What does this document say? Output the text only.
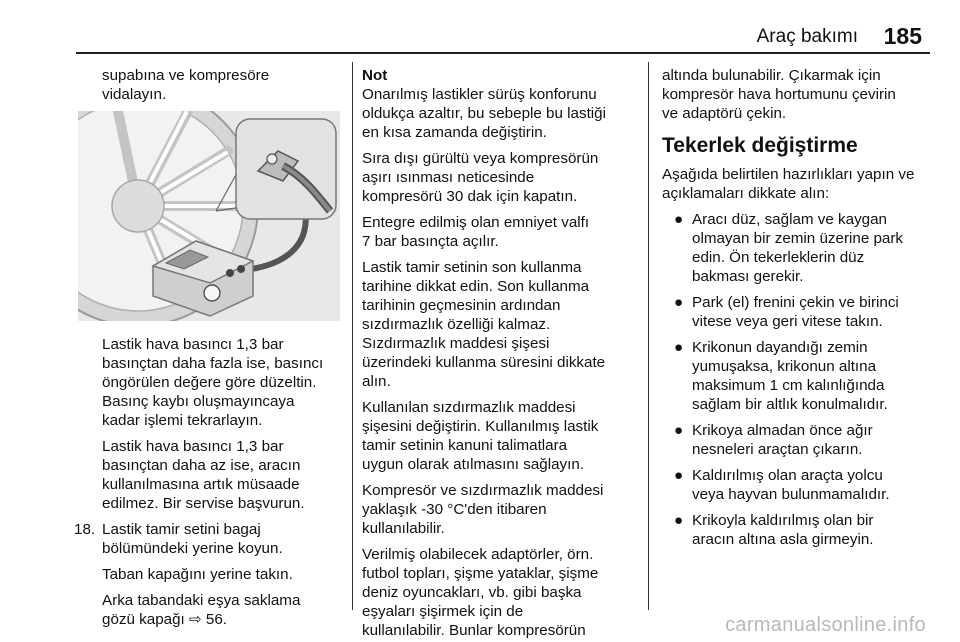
Araç bakımı 185

supabına ve kompresöre
vidalayın.

Lastik hava basıncı 1,3 bar
basınçtan daha fazla ise, basıncı
öngörülen değere göre düzeltin.
Basınç kaybı oluşmayıncaya
kadar işlemi tekrarlayın.

Lastik hava basıncı 1,3 bar
basınçtan daha az ise, aracın
kullanılmasına artık müsaade
edilmez. Bir servise başvurun.

18. Lastik tamir setini bagaj
bölümündeki yerine koyun.

Taban kapağını yerine takın.

Arka tabandaki eşya saklama
gözü kapağı ⇨ 56.

Not

Onarılmış lastikler sürüş konforunu
oldukça azaltır, bu sebeple bu lastiği
en kısa zamanda değiştirin.

Sıra dışı gürültü veya kompresörün
aşırı ısınması neticesinde
kompresörü 30 dak için kapatın.

Entegre edilmiş olan emniyet valfı
7 bar basınçta açılır.

Lastik tamir setinin son kullanma
tarihine dikkat edin. Son kullanma
tarihinin geçmesinin ardından
sızdırmazlık özelliği kalmaz.
Sızdırmazlık maddesi şişesi
üzerindeki kullanma süresini dikkate
alın.

Kullanılan sızdırmazlık maddesi
şişesini değiştirin. Kullanılmış lastik
tamir setinin kanuni talimatlara
uygun olarak atılmasını sağlayın.

Kompresör ve sızdırmazlık maddesi
yaklaşık -30 °C'den itibaren
kullanılabilir.

Verilmiş olabilecek adaptörler, örn.
futbol topları, şişme yataklar, şişme
deniz oyuncakları, vb. gibi başka
eşyaları şişirmek için de
kullanılabilir. Bunlar kompresörün

altında bulunabilir. Çıkarmak için
kompresör hava hortumunu çevirin
ve adaptörü çekin.

Tekerlek değiştirme

Aşağıda belirtilen hazırlıkları yapın ve
açıklamaları dikkate alın:

● Aracı düz, sağlam ve kaygan
olmayan bir zemin üzerine park
edin. Ön tekerleklerin düz
bakması gerekir.
● Park (el) frenini çekin ve birinci
vitese veya geri vitese takın.
● Krikonun dayandığı zemin
yumuşaksa, krikonun altına
maksimum 1 cm kalınlığında
sağlam bir altlık konulmalıdır.
● Krikoya almadan önce ağır
nesneleri araçtan çıkarın.
● Kaldırılmış olan araçta yolcu
veya hayvan bulunmamalıdır.
● Krikoyla kaldırılmış olan bir
aracın altına asla girmeyin.
carmanualsonline.info
